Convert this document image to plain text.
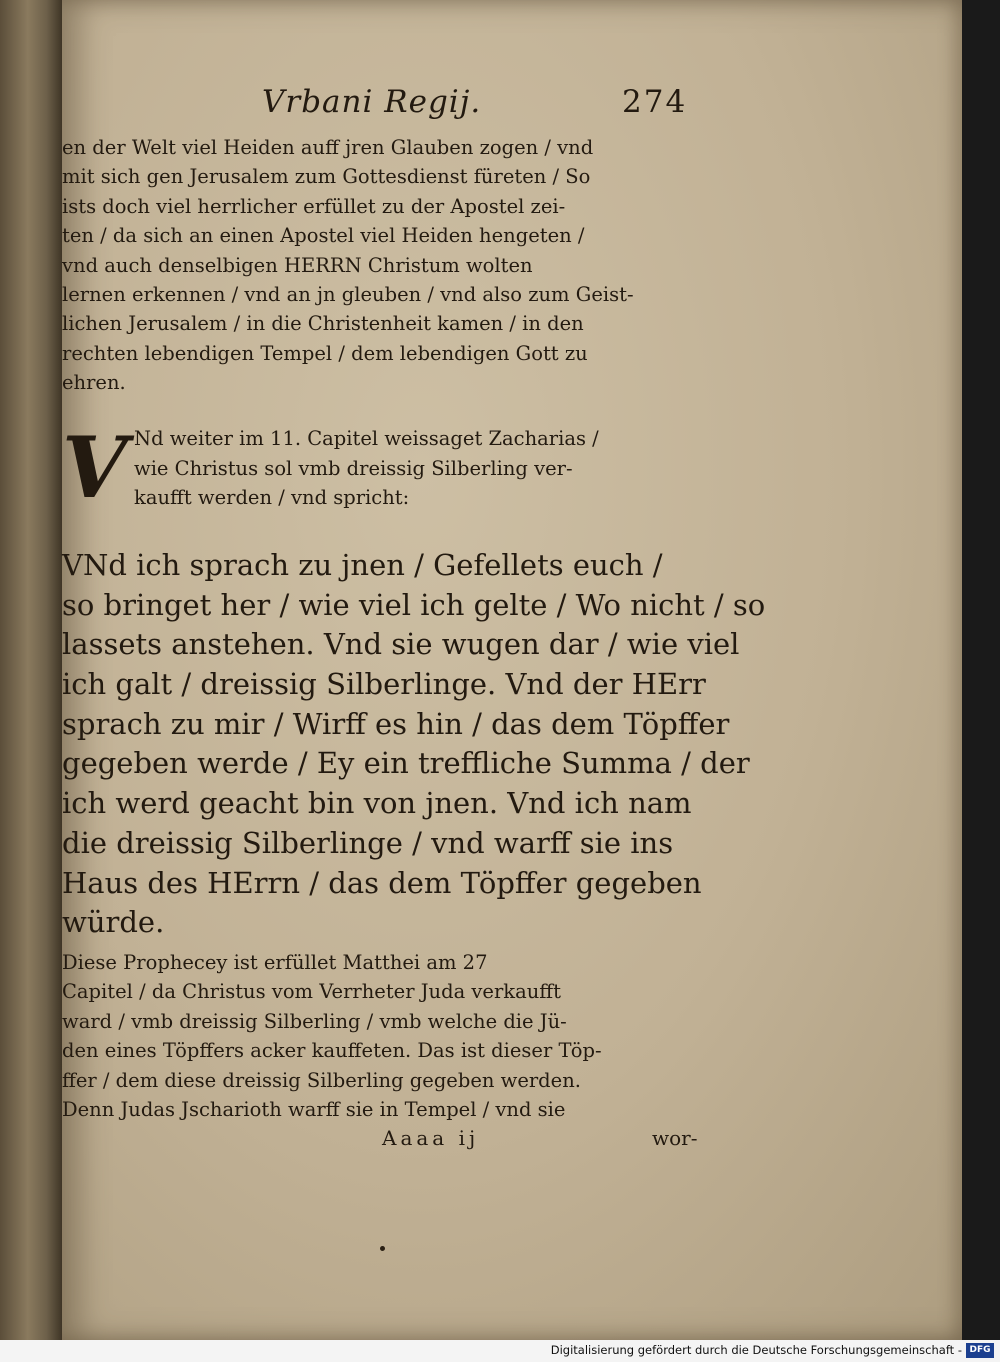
Vrbani Regij.	274
en der Welt viel Heiden auff jren Glauben zogen / vnd
mit sich gen Jerusalem zum Gottesdienst füreten / So
ists doch viel herrlicher erfüllet zu der Apostel zei-
ten / da sich an einen Apostel viel Heiden hengeten /
vnd auch denselbigen HERRN Christum wolten
lernen erkennen / vnd an jn gleuben / vnd also zum Geist-
lichen Jerusalem / in die Christenheit kamen / in den
rechten lebendigen Tempel / dem lebendigen Gott zu
ehren.
V Nd weiter im 11. Capitel weissaget Zacharias /
wie Christus sol vmb dreissig Silberling ver-
kaufft werden / vnd spricht:
VNd ich sprach zu jnen / Gefellets euch /
so bringet her / wie viel ich gelte / Wo nicht / so
lassets anstehen. Vnd sie wugen dar / wie viel
ich galt / dreissig Silberlinge. Vnd der HErr
sprach zu mir / Wirff es hin / das dem Töpffer
gegeben werde / Ey ein treffliche Summa / der
ich werd geacht bin von jnen. Vnd ich nam
die dreissig Silberlinge / vnd warff sie ins
Haus des HErrn / das dem Töpffer gegeben
würde.
Diese Prophecey ist erfüllet Matthei am 27
Capitel / da Christus vom Verrheter Juda verkaufft
ward / vmb dreissig Silberling / vmb welche die Jü-
den eines Töpffers acker kauffeten. Das ist dieser Töp-
ffer / dem diese dreissig Silberling gegeben werden.
Denn Judas Jscharioth warff sie in Tempel / vnd sie
Aaaa ij	wor-
Digitalisierung gefördert durch die Deutsche Forschungsgemeinschaft - DFG
